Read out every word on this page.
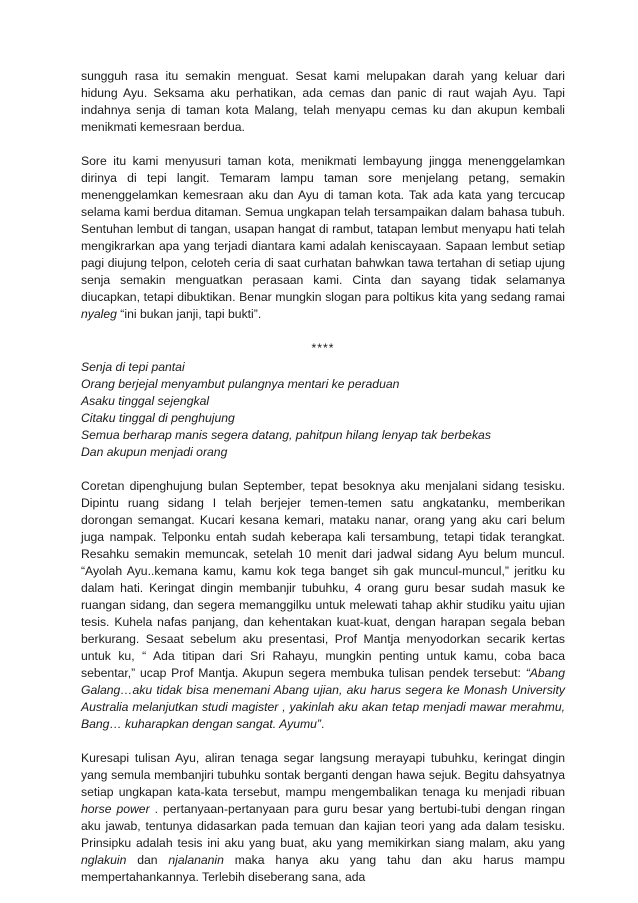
sungguh rasa itu semakin menguat. Sesat kami melupakan darah yang keluar dari hidung Ayu. Seksama aku perhatikan, ada cemas dan panic di raut wajah Ayu. Tapi indahnya senja di taman kota Malang, telah menyapu cemas ku dan akupun kembali menikmati kemesraan berdua.

Sore itu kami menyusuri taman kota, menikmati lembayung jingga menenggelamkan dirinya di tepi langit. Temaram lampu taman sore menjelang petang, semakin menenggelamkan kemesraan aku dan Ayu di taman kota. Tak ada kata yang tercucap selama kami berdua ditaman. Semua ungkapan telah tersampaikan dalam bahasa tubuh. Sentuhan lembut di tangan, usapan hangat di rambut, tatapan lembut menyapu hati telah mengikrarkan apa yang terjadi diantara kami adalah keniscayaan. Sapaan lembut setiap pagi diujung telpon, celoteh ceria di saat curhatan bahwkan tawa tertahan di setiap ujung senja semakin menguatkan perasaan kami. Cinta dan sayang tidak selamanya diucapkan, tetapi dibuktikan. Benar mungkin slogan para poltikus kita yang sedang ramai nyaleg “ini bukan janji, tapi bukti”.

****
Senja di tepi pantai
Orang berjejal menyambut pulangnya mentari ke peraduan
Asaku tinggal sejengkal
Citaku tinggal di penghujung
Semua berharap manis segera datang, pahitpun hilang lenyap tak berbekas
Dan akupun menjadi orang

Coretan dipenghujung bulan September, tepat besoknya aku menjalani sidang tesisku. Dipintu ruang sidang I telah berjejer temen-temen satu angkatanku, memberikan dorongan semangat. Kucari kesana kemari, mataku nanar, orang yang aku cari belum juga nampak. Telponku entah sudah keberapa kali tersambung, tetapi tidak terangkat. Resahku semakin memuncak, setelah 10 menit dari jadwal sidang Ayu belum muncul. “Ayolah Ayu..kemana kamu, kamu kok tega banget sih gak muncul-muncul,” jeritku ku dalam hati. Keringat dingin membanjir tubuhku, 4 orang guru besar sudah masuk ke ruangan sidang, dan segera memanggilku untuk melewati tahap akhir studiku yaitu ujian tesis. Kuhela nafas panjang, dan kehentakan kuat-kuat, dengan harapan segala beban berkurang. Sesaat sebelum aku presentasi, Prof Mantja menyodorkan secarik kertas untuk ku, “ Ada titipan dari Sri Rahayu, mungkin penting untuk kamu, coba baca sebentar,” ucap Prof Mantja. Akupun segera membuka tulisan pendek tersebut: “Abang Galang…aku tidak bisa menemani Abang ujian, aku harus segera ke Monash University Australia melanjutkan studi magister , yakinlah aku akan tetap menjadi mawar merahmu, Bang… kuharapkan dengan sangat. Ayumu”.

Kuresapi tulisan Ayu, aliran tenaga segar langsung merayapi tubuhku, keringat dingin yang semula membanjiri tubuhku sontak berganti dengan hawa sejuk. Begitu dahsyatnya setiap ungkapan kata-kata tersebut, mampu mengembalikan tenaga ku menjadi ribuan horse power . pertanyaan-pertanyaan para guru besar yang bertubi-tubi dengan ringan aku jawab, tentunya didasarkan pada temuan dan kajian teori yang ada dalam tesisku. Prinsipku adalah tesis ini aku yang buat, aku yang memikirkan siang malam, aku yang nglakuin dan njalananin maka hanya aku yang tahu dan aku harus mampu mempertahankannya. Terlebih diseberang sana, ada
